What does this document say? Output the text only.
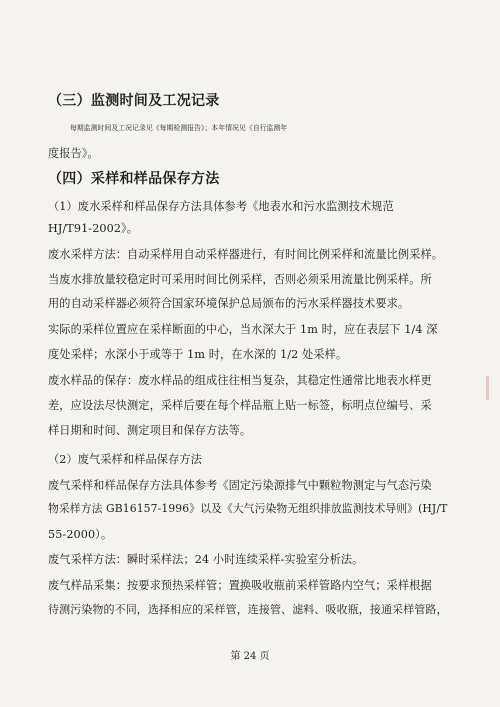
（三）监测时间及工况记录
每期监测时间及工况记录见《每期检测报告》；本年情况见《自行监测年
度报告》。
（四）采样和样品保存方法
（1）废水采样和样品保存方法具体参考《地表水和污水监测技术规范
HJ/T91-2002》。
废水采样方法：自动采样用自动采样器进行，有时间比例采样和流量比例采样。
当废水排放量较稳定时可采用时间比例采样，否则必须采用流量比例采样。所
用的自动采样器必须符合国家环境保护总局颁布的污水采样器技术要求。
实际的采样位置应在采样断面的中心，当水深大于 1m 时，应在表层下 1/4 深
度处采样；水深小于或等于 1m 时，在水深的 1/2 处采样。
废水样品的保存：废水样品的组成往往相当复杂，其稳定性通常比地表水样更
差，应设法尽快测定，采样后要在每个样品瓶上贴一标签，标明点位编号、采
样日期和时间、测定项目和保存方法等。
（2）废气采样和样品保存方法
废气采样和样品保存方法具体参考《固定污染源排气中颗粒物测定与气态污染
物采样方法 GB16157-1996》以及《大气污染物无组织排放监测技术导则》(HJ/T
55-2000）。
废气采样方法：瞬时采样法；24 小时连续采样-实验室分析法。
废气样品采集：按要求预热采样管；置换吸收瓶前采样管路内空气；采样根据
待测污染物的不同，选择相应的采样管，连接管、滤料、吸收瓶，接通采样管路，
第 24 页
